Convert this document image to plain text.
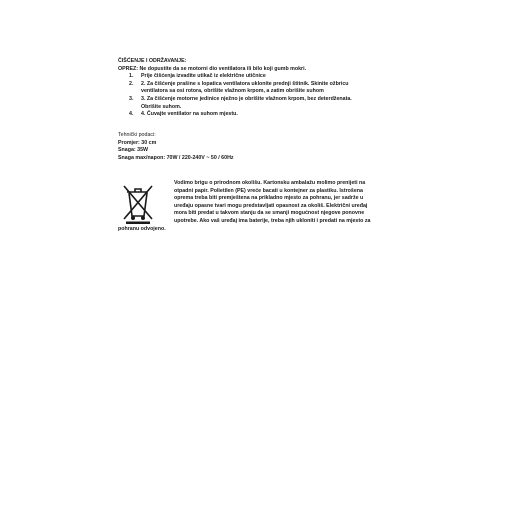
ČIŠĆENJE I ODRŽAVANJE:
OPREZ: Ne dopustite da se motorni dio ventilatora ili bilo koji gumb mokri.
1. Prije čišćenja izvadite utikač iz električne utičnice
2. 2. Za čišćenje prašine s lopatica ventilatora uklonite prednji štitnik. Skinite ožbricu
ventilatora sa osi rotora, obrišite vlažnom krpom, a zatim obrišite suhom
3. 3. Za čišćenje motorne jedinice nježno je obrišite vlažnom krpom, bez deterdženata.
Obrišite suhom.
4. 4. Čuvajte ventilator na suhom mjestu.
Tehnički podaci:
Promjer: 30 cm
Snaga: 35W
Snaga max/napon: 70W / 220-240V ~ 50 / 60Hz
Vodimo brigu o prirodnom okolišu. Kartonsku ambalažu molimo prenijeti na
otpadni papir. Polietilen (PE) vreće bacati u kontejner za plastiku. Istrošena
oprema treba biti premještena na prikladno mjesto za pohranu, jer sadrže u
uređaju opasne tvari mogu predstavljati opasnost za okoliš. Električni uređaj
mora biti predat u takvom stanju da se smanji mogućnost njegove ponovne
upotrebe. Ako vaš uređaj ima baterije, treba njih ukloniti i predati na mjesto za
pohranu odvojeno.
